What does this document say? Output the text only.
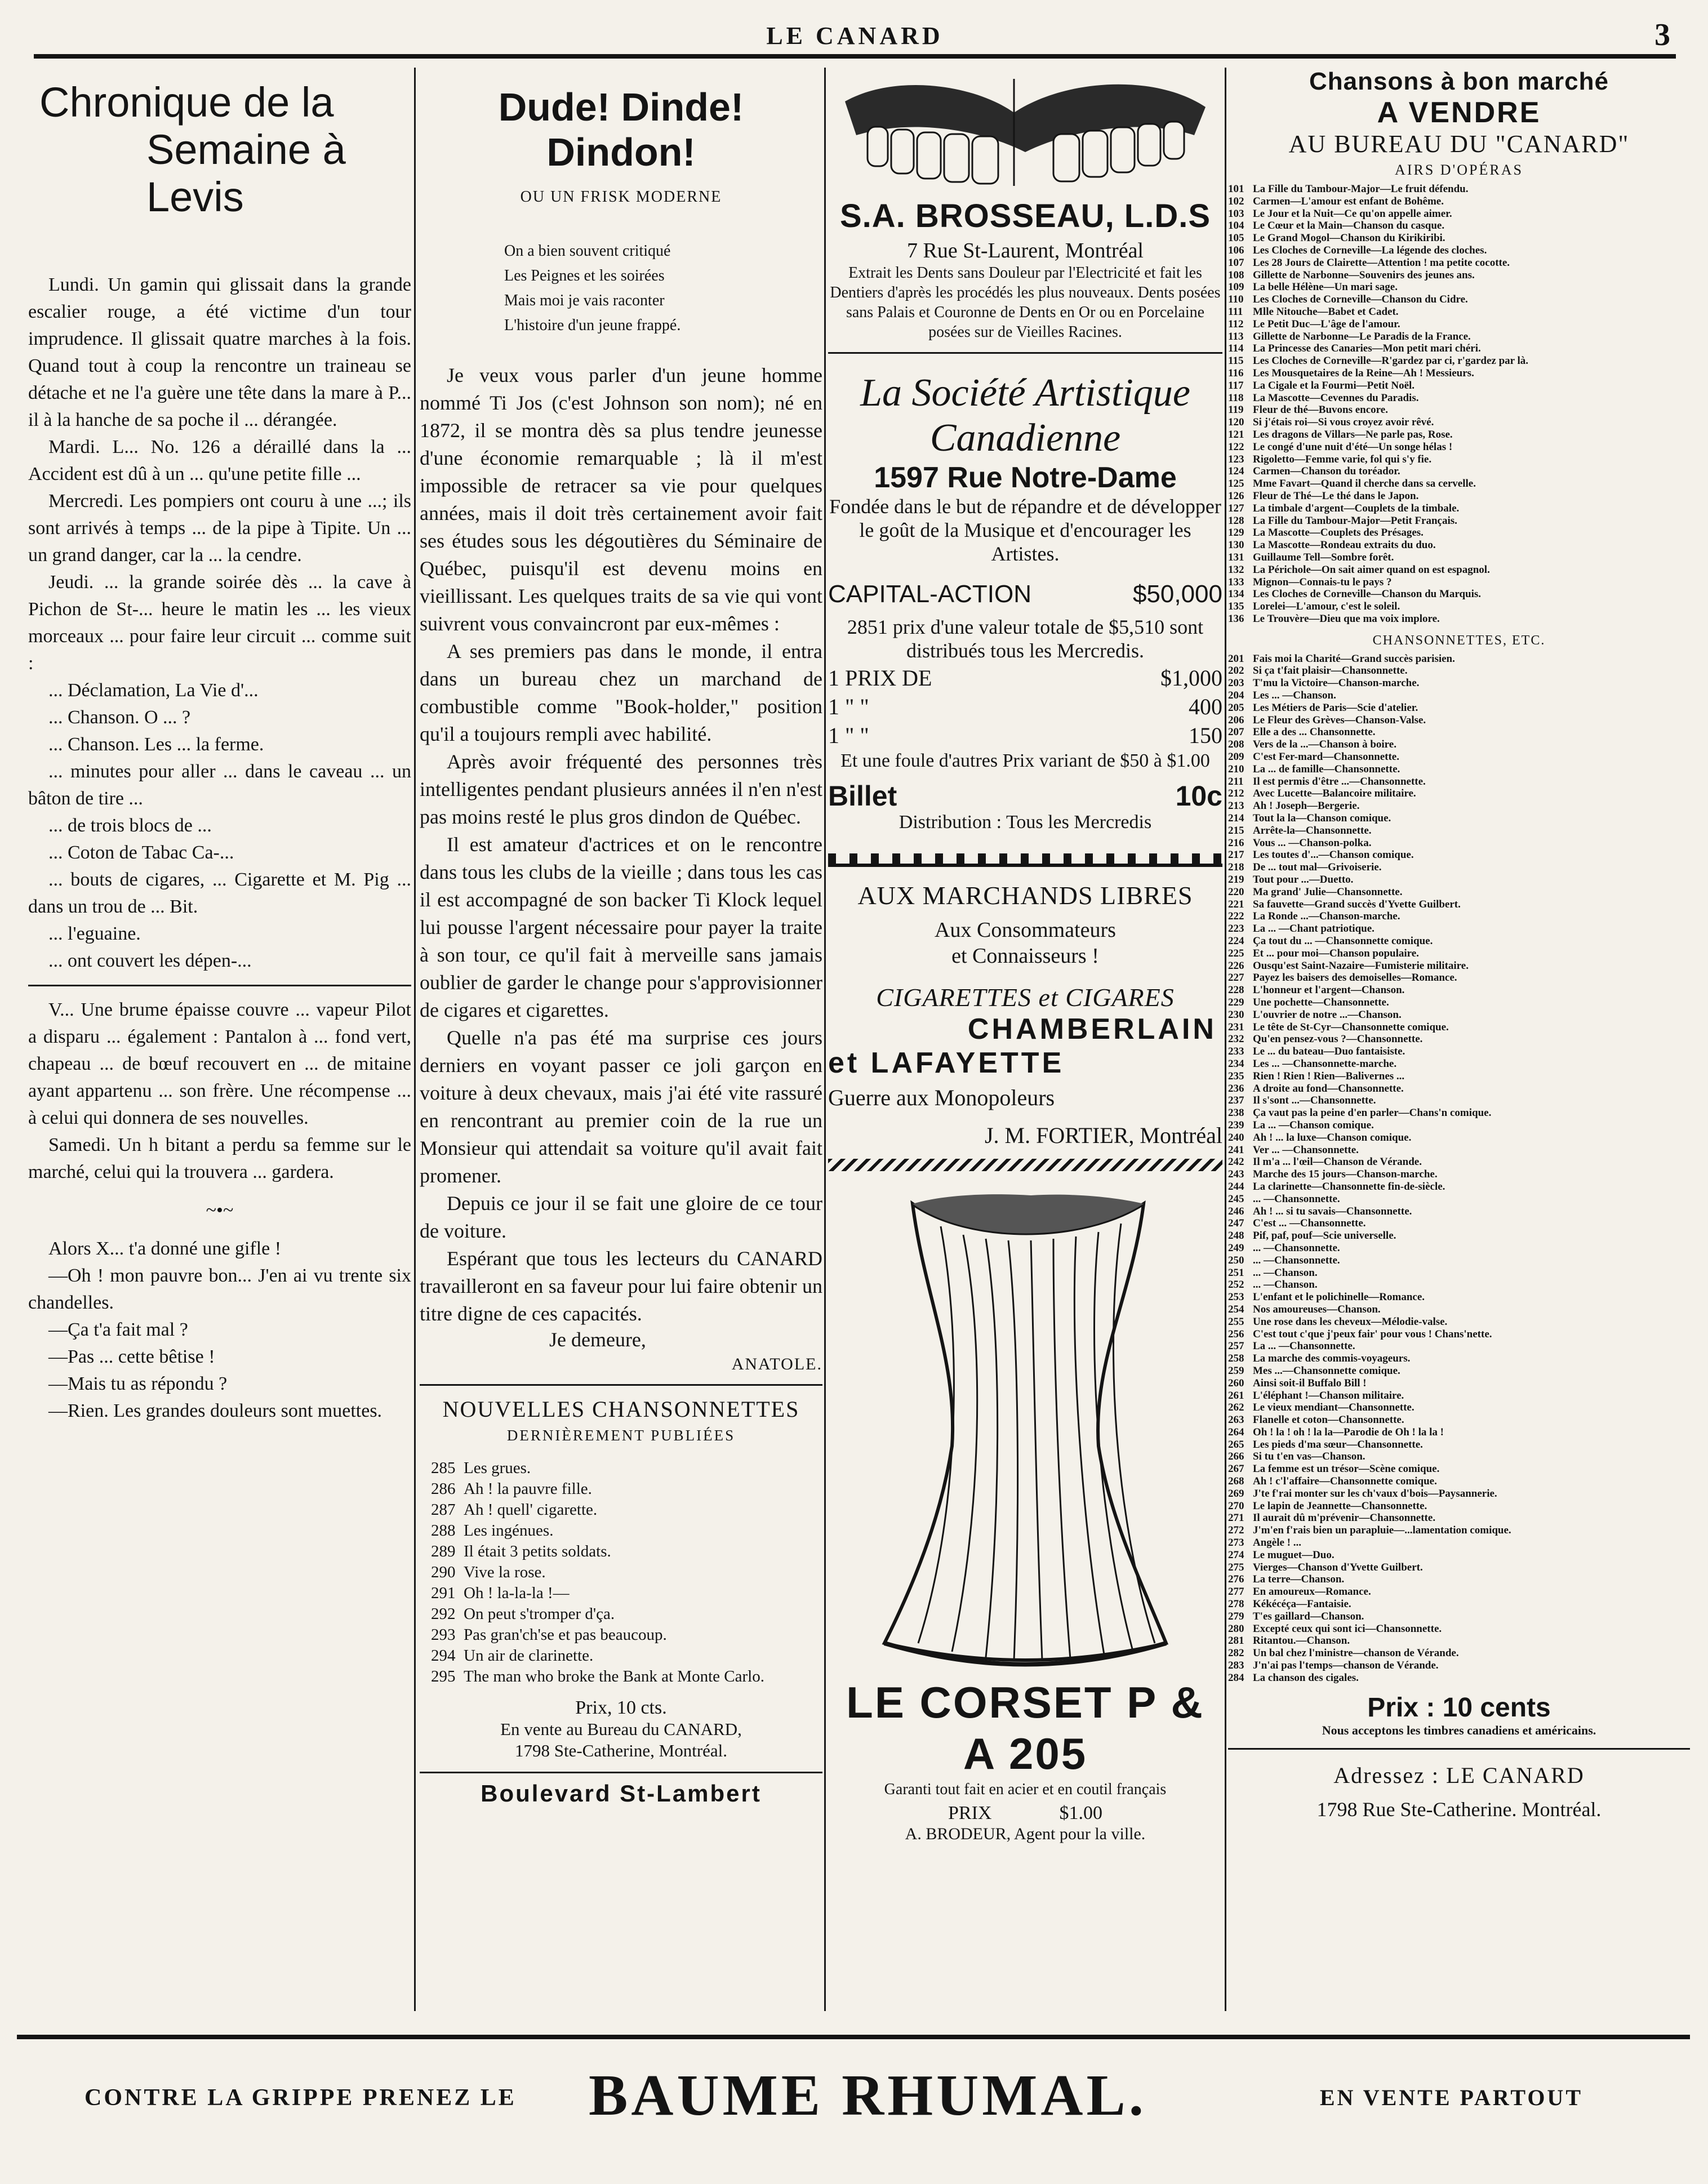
LE CANARD	3
Chronique de la
Semaine à Levis

Lundi. Un gamin qui glissait dans la grande escalier rouge, a été victime d'un tour imprudence. Il glissait quatre marches à la fois. Quand tout à coup la rencontre un traineau se détache et ne l'a guère une tête dans la mare à P... il à la hanche de sa poche il ... dérangée.

Mardi. L... No. 126 a déraillé dans la ... Accident est dû à un ... qu'une petite fille ...

Mercredi. Les pompiers ont couru à une ...; ils sont arrivés à temps ... de la pipe à Tipite. Un ... un grand danger, car la ... la cendre.

Jeudi. ... la grande soirée dès ... la cave à Pichon de St-... heure le matin les ... les vieux morceaux ... pour faire leur circuit ... comme suit :

... Déclamation, La Vie d'...

... Chanson. O ... ?

... Chanson. Les ... la ferme.

... minutes pour aller ... dans le caveau ... un bâton de tire ...

... de trois blocs de ...

... Coton de Tabac Ca-...

... bouts de cigares, ... Cigarette et M. Pig ... dans un trou de ... Bit.

... l'eguaine.

... ont couvert les dépen-...

V... Une brume épaisse couvre ... vapeur Pilot a disparu ... également : Pantalon à ... fond vert, chapeau ... de bœuf recouvert en ... de mitaine ayant appartenu ... son frère. Une récompense ... à celui qui donnera de ses nouvelles.

Samedi. Un h bitant a perdu sa femme sur le marché, celui qui la trouvera ... gardera.

~•~

Alors X... t'a donné une gifle !

—Oh ! mon pauvre bon... J'en ai vu trente six chandelles.

—Ça t'a fait mal ?

—Pas ... cette bêtise !

—Mais tu as répondu ?

—Rien. Les grandes douleurs sont muettes.

Dude! Dinde! Dindon!
OU UN FRISK MODERNE
On a bien souvent critiqué
Les Peignes et les soirées
Mais moi je vais raconter
L'histoire d'un jeune frappé.

Je veux vous parler d'un jeune homme nommé Ti Jos (c'est Johnson son nom); né en 1872, il se montra dès sa plus tendre jeunesse d'une économie remarquable ; là il m'est impossible de retracer sa vie pour quelques années, mais il doit très certainement avoir fait ses études sous les dégoutières du Séminaire de Québec, puisqu'il est devenu moins en vieillissant. Les quelques traits de sa vie qui vont suivrent vous convaincront par eux-mêmes :

A ses premiers pas dans le monde, il entra dans un bureau chez un marchand de combustible comme "Book-holder," position qu'il a toujours rempli avec habilité.

Après avoir fréquenté des personnes très intelligentes pendant plusieurs années il n'en n'est pas moins resté le plus gros dindon de Québec.

Il est amateur d'actrices et on le rencontre dans tous les clubs de la vieille ; dans tous les cas il est accompagné de son backer Ti Klock lequel lui pousse l'argent nécessaire pour payer la traite à son tour, ce qu'il fait à merveille sans jamais oublier de garder le change pour s'approvisionner de cigares et cigarettes.

Quelle n'a pas été ma surprise ces jours derniers en voyant passer ce joli garçon en voiture à deux chevaux, mais j'ai été vite rassuré en rencontrant au premier coin de la rue un Monsieur qui attendait sa voiture qu'il avait fait promener.

Depuis ce jour il se fait une gloire de ce tour de voiture.

Espérant que tous les lecteurs du CANARD travailleront en sa faveur pour lui faire obtenir un titre digne de ces capacités.

Je demeure,
ANATOLE.
NOUVELLES CHANSONNETTES
DERNIÈREMENT PUBLIÉES
285 Les grues.
286 Ah ! la pauvre fille.
287 Ah ! quell' cigarette.
288 Les ingénues.
289 Il était 3 petits soldats.
290 Vive la rose.
291 Oh ! la-la-la !—
292 On peut s'tromper d'ça.
293 Pas gran'ch'se et pas beaucoup.
294 Un air de clarinette.
295 The man who broke the Bank at Monte Carlo.
Prix, 10 cts.
En vente au Bureau du CANARD,
1798 Ste-Catherine, Montréal.
Boulevard St-Lambert
S.A. BROSSEAU, L.D.S
7 Rue St-Laurent, Montréal
Extrait les Dents sans Douleur par l'Electricité et fait les Dentiers d'après les procédés les plus nouveaux. Dents posées sans Palais et Couronne de Dents en Or ou en Porcelaine posées sur de Vieilles Racines.
La Société Artistique
Canadienne
1597 Rue Notre-Dame
Fondée dans le but de répandre et de développer le goût de la Musique et d'encourager les Artistes.
CAPITAL-ACTION	$50,000
2851 prix d'une valeur totale de $5,510 sont distribués tous les Mercredis.
1 PRIX DE	$1,000
1 " "	400
1 " "	150
Et une foule d'autres Prix variant de $50 à $1.00
Billet	10c
Distribution : Tous les Mercredis
AUX MARCHANDS LIBRES
Aux Consommateurs
et Connaisseurs !
CIGARETTES et CIGARES
CHAMBERLAIN
et LAFAYETTE
Guerre aux Monopoleurs
J. M. FORTIER, Montréal
LE CORSET P & A 205
Garanti tout fait en acier et en coutil français
PRIX	$1.00
A. BRODEUR, Agent pour la ville.
Chansons à bon marché
A VENDRE
AU BUREAU DU "CANARD"
AIRS D'OPÉRAS
101 La Fille du Tambour-Major—Le fruit défendu.
102 Carmen—L'amour est enfant de Bohême.
103 Le Jour et la Nuit—Ce qu'on appelle aimer.
104 Le Cœur et la Main—Chanson du casque.
105 Le Grand Mogol—Chanson du Kirikiribi.
106 Les Cloches de Corneville—La légende des cloches.
107 Les 28 Jours de Clairette—Attention ! ma petite cocotte.
108 Gillette de Narbonne—Souvenirs des jeunes ans.
109 La belle Hélène—Un mari sage.
110 Les Cloches de Corneville—Chanson du Cidre.
111 Mlle Nitouche—Babet et Cadet.
112 Le Petit Duc—L'âge de l'amour.
113 Gillette de Narbonne—Le Paradis de la France.
114 La Princesse des Canaries—Mon petit mari chéri.
115 Les Cloches de Corneville—R'gardez par ci, r'gardez par là.
116 Les Mousquetaires de la Reine—Ah ! Messieurs.
117 La Cigale et la Fourmi—Petit Noël.
118 La Mascotte—Cevennes du Paradis.
119 Fleur de thé—Buvons encore.
120 Si j'étais roi—Si vous croyez avoir rêvé.
121 Les dragons de Villars—Ne parle pas, Rose.
122 Le congé d'une nuit d'été—Un songe hélas !
123 Rigoletto—Femme varie, fol qui s'y fie.
124 Carmen—Chanson du toréador.
125 Mme Favart—Quand il cherche dans sa cervelle.
126 Fleur de Thé—Le thé dans le Japon.
127 La timbale d'argent—Couplets de la timbale.
128 La Fille du Tambour-Major—Petit Français.
129 La Mascotte—Couplets des Présages.
130 La Mascotte—Rondeau extraits du duo.
131 Guillaume Tell—Sombre forêt.
132 La Périchole—On sait aimer quand on est espagnol.
133 Mignon—Connais-tu le pays ?
134 Les Cloches de Corneville—Chanson du Marquis.
135 Lorelei—L'amour, c'est le soleil.
136 Le Trouvère—Dieu que ma voix implore.
CHANSONNETTES, ETC.
201 Fais moi la Charité—Grand succès parisien.
202 Si ça t'fait plaisir—Chansonnette.
203 T'mu la Victoire—Chanson-marche.
204 Les ... —Chanson.
205 Les Métiers de Paris—Scie d'atelier.
206 Le Fleur des Grèves—Chanson-Valse.
207 Elle a des ... Chansonnette.
208 Vers de la ...—Chanson à boire.
209 C'est Fer-mard—Chansonnette.
210 La ... de famille—Chansonnette.
211 Il est permis d'être ...—Chansonnette.
212 Avec Lucette—Balancoire militaire.
213 Ah ! Joseph—Bergerie.
214 Tout la la—Chanson comique.
215 Arrête-la—Chansonnette.
216 Vous ... —Chanson-polka.
217 Les toutes d'...—Chanson comique.
218 De ... tout mal—Grivoiserie.
219 Tout pour ...—Duetto.
220 Ma grand' Julie—Chansonnette.
221 Sa fauvette—Grand succès d'Yvette Guilbert.
222 La Ronde ...—Chanson-marche.
223 La ... —Chant patriotique.
224 Ça tout du ... —Chansonnette comique.
225 Et ... pour moi—Chanson populaire.
226 Ousqu'est Saint-Nazaire—Fumisterie militaire.
227 Payez les baisers des demoiselles—Romance.
228 L'honneur et l'argent—Chanson.
229 Une pochette—Chansonnette.
230 L'ouvrier de notre ...—Chanson.
231 Le tête de St-Cyr—Chansonnette comique.
232 Qu'en pensez-vous ?—Chansonnette.
233 Le ... du bateau—Duo fantaisiste.
234 Les ... —Chansonnette-marche.
235 Rien ! Rien ! Rien—Balivernes ...
236 A droite au fond—Chansonnette.
237 Il s'sont ...—Chansonnette.
238 Ça vaut pas la peine d'en parler—Chans'n comique.
239 La ... —Chanson comique.
240 Ah ! ... la luxe—Chanson comique.
241 Ver ... —Chansonnette.
242 Il m'a ... l'œil—Chanson de Vérande.
243 Marche des 15 jours—Chanson-marche.
244 La clarinette—Chansonnette fin-de-siècle.
245 ... —Chansonnette.
246 Ah ! ... si tu savais—Chansonnette.
247 C'est ... —Chansonnette.
248 Pif, paf, pouf—Scie universelle.
249 ... —Chansonnette.
250 ... —Chansonnette.
251 ... —Chanson.
252 ... —Chanson.
253 L'enfant et le polichinelle—Romance.
254 Nos amoureuses—Chanson.
255 Une rose dans les cheveux—Mélodie-valse.
256 C'est tout c'que j'peux fair' pour vous ! Chans'nette.
257 La ... —Chansonnette.
258 La marche des commis-voyageurs.
259 Mes ...—Chansonnette comique.
260 Ainsi soit-il Buffalo Bill !
261 L'éléphant !—Chanson militaire.
262 Le vieux mendiant—Chansonnette.
263 Flanelle et coton—Chansonnette.
264 Oh ! la ! oh ! la la—Parodie de Oh ! la la !
265 Les pieds d'ma sœur—Chansonnette.
266 Si tu t'en vas—Chanson.
267 La femme est un trésor—Scène comique.
268 Ah ! c'l'affaire—Chansonnette comique.
269 J'te f'rai monter sur les ch'vaux d'bois—Paysannerie.
270 Le lapin de Jeannette—Chansonnette.
271 Il aurait dû m'prévenir—Chansonnette.
272 J'm'en f'rais bien un parapluie—...lamentation comique.
273 Angèle ! ...
274 Le muguet—Duo.
275 Vierges—Chanson d'Yvette Guilbert.
276 La terre—Chanson.
277 En amoureux—Romance.
278 Kékécéça—Fantaisie.
279 T'es gaillard—Chanson.
280 Excepté ceux qui sont ici—Chansonnette.
281 Ritantou.—Chanson.
282 Un bal chez l'ministre—chanson de Vérande.
283 J'n'ai pas l'temps—chanson de Vérande.
284 La chanson des cigales.
Prix : 10 cents
Nous acceptons les timbres canadiens et américains.
Adressez : LE CANARD
1798 Rue Ste-Catherine. Montréal.
CONTRE LA GRIPPE PRENEZ LE BAUME RHUMAL.	EN VENTE PARTOUT
